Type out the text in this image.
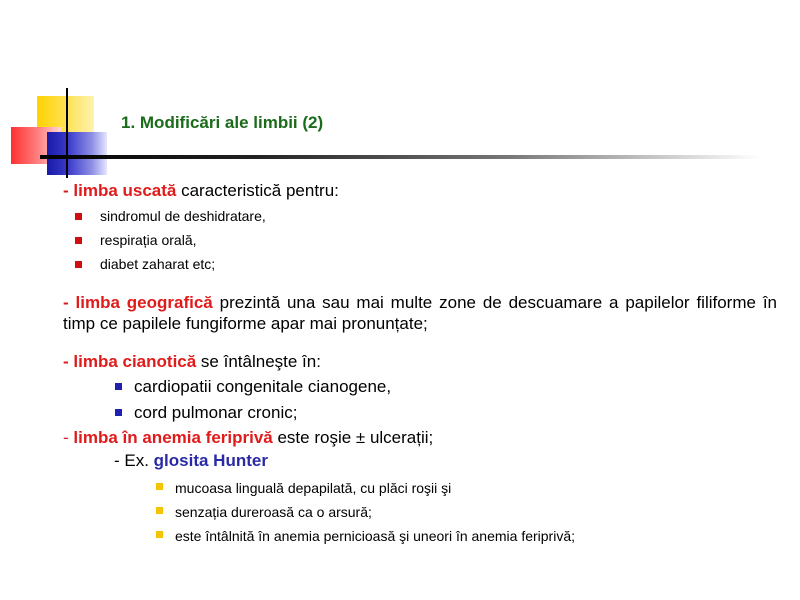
1. Modificări ale limbii (2)

- limba uscată caracteristică pentru:

sindromul de deshidratare,
respirația orală,
diabet zaharat etc;

- limba geografică prezintă una sau mai multe zone de descuamare a papilelor filiforme în timp ce papilele fungiforme apar mai pronunțate;

- limba cianotică se întâlneşte în:

cardiopatii congenitale cianogene,
cord pulmonar cronic;

- limba în anemia feriprivă este roşie ± ulcerații;

- Ex. glosita Hunter
mucoasa linguală depapilată, cu plăci roşii şi
senzația dureroasă ca o arsură;
este întâlnită în anemia pernicioasă şi uneori în anemia feriprivă;
